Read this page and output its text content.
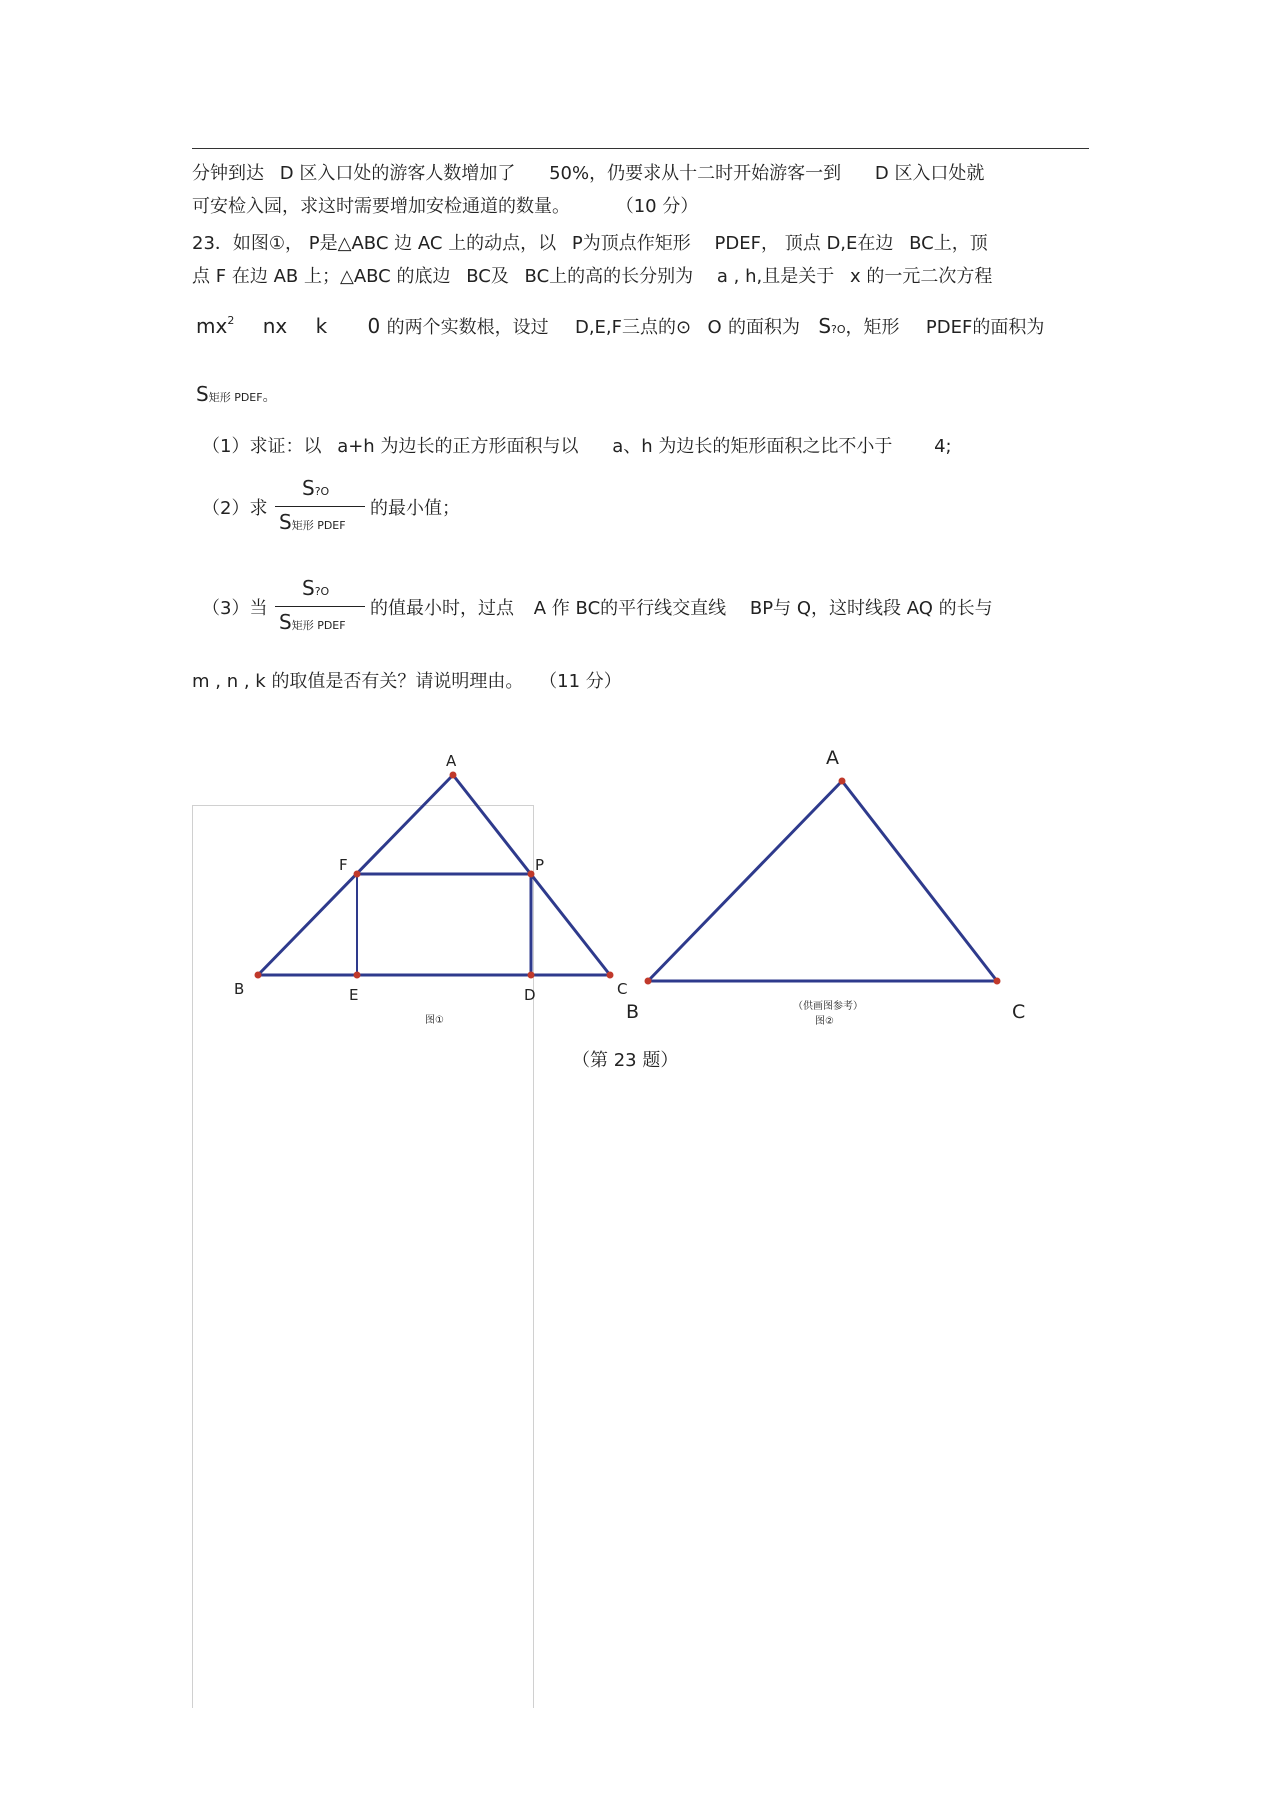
分钟到达 D 区入口处的游客人数增加了 50%，仍要求从十二时开始游客一到 D 区入口处就
可安检入园，求这时需要增加安检通道的数量。	（10 分）
23．如图①， P是△ABC 边 AC 上的动点，以 P为顶点作矩形 PDEF， 顶点 D,E在边 BC上，顶
点 F 在边 AB 上；△ABC 的底边 BC及 BC上的高的长分别为 a , h,且是关于 x 的一元二次方程
$mx^2$ nx k 0 的两个实数根，设过 D,E,F三点的⊙ O 的面积为 S?O，矩形 PDEF的面积为
S矩形 PDEF。
（1）求证：以 a+h 为边长的正方形面积与以 a、h 为边长的矩形面积之比不小于 4;
（2）求
S?O
S矩形 PDEF
的最小值；
（3）当
S?O
S矩形 PDEF
的值最小时，过点 A 作 BC的平行线交直线 BP与 Q，这时线段 AQ 的长与
m , n , k 的取值是否有关？请说明理由。 （11 分）
A
B	C
F	P
E	D
图①
A
B	C
（供画图参考）
图②
（第 23 题）
